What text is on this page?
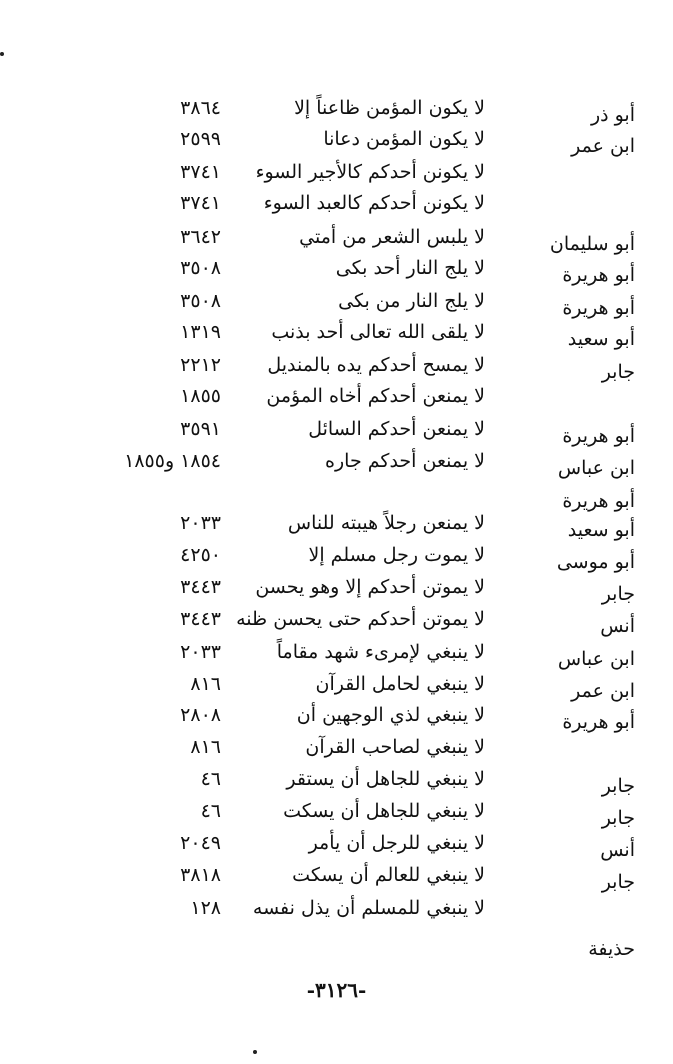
أبو ذر
لا يكون المؤمن ظاعناً إلا
٣٨٦٤
ابن عمر
لا يكون المؤمن دعانا
٢٥٩٩
لا يكونن أحدكم كالأجير السوء
٣٧٤١
لا يكونن أحدكم كالعبد السوء
٣٧٤١
أبو سليمان
لا يلبس الشعر من أمتي
٣٦٤٢
أبو هريرة
لا يلج النار أحد بكى
٣٥٠٨
أبو هريرة
لا يلج النار من بكى
٣٥٠٨
أبو سعيد
لا يلقى الله تعالى أحد بذنب
١٣١٩
جابر
لا يمسح أحدكم يده بالمنديل
٢٢١٢
لا يمنعن أحدكم أخاه المؤمن
١٨٥٥
أبو هريرة
لا يمنعن أحدكم السائل
٣٥٩١
ابن عباس
لا يمنعن أحدكم جاره
١٨٥٤ و١٨٥٥
أبو سعيد
لا يمنعن رجلاً هيبته للناس
٢٠٣٣
أبو موسى
لا يموت رجل مسلم إلا
٤٢٥٠
جابر
لا يموتن أحدكم إلا وهو يحسن
٣٤٤٣
أنس
لا يموتن أحدكم حتى يحسن ظنه
٣٤٤٣
ابن عباس
لا ينبغي لإمرىء شهد مقاماً
٢٠٣٣
ابن عمر
لا ينبغي لحامل القرآن
٨١٦
أبو هريرة
لا ينبغي لذي الوجهين أن
٢٨٠٨
لا ينبغي لصاحب القرآن
٨١٦
جابر
لا ينبغي للجاهل أن يستقر
٤٦
جابر
لا ينبغي للجاهل أن يسكت
٤٦
أنس
لا ينبغي للرجل أن يأمر
٢٠٤٩
جابر
لا ينبغي للعالم أن يسكت
٣٨١٨
لا ينبغي للمسلم أن يذل نفسه
١٢٨
أبو هريرة
حذيفة
-٣١٢٦-
